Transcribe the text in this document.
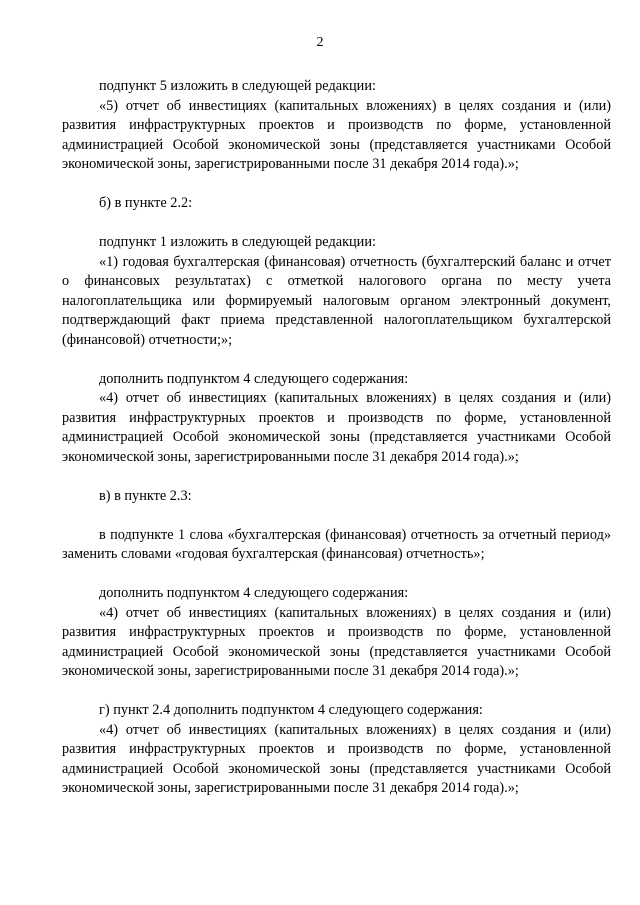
2

подпункт 5 изложить в следующей редакции:

«5) отчет об инвестициях (капитальных вложениях) в целях создания и (или) развития инфраструктурных проектов и производств по форме, установленной администрацией Особой экономической зоны (представляется участниками Особой экономической зоны, зарегистрированными после 31 декабря 2014 года).»;

б) в пункте 2.2:

подпункт 1 изложить в следующей редакции:

«1) годовая бухгалтерская (финансовая) отчетность (бухгалтерский баланс и отчет о финансовых результатах) с отметкой налогового органа по месту учета налогоплательщика или формируемый налоговым органом электронный документ, подтверждающий факт приема представленной налогоплательщиком бухгалтерской (финансовой) отчетности;»;

дополнить подпунктом 4 следующего содержания:

«4) отчет об инвестициях (капитальных вложениях) в целях создания и (или) развития инфраструктурных проектов и производств по форме, установленной администрацией Особой экономической зоны (представляется участниками Особой экономической зоны, зарегистрированными после 31 декабря 2014 года).»;

в) в пункте 2.3:

в подпункте 1 слова «бухгалтерская (финансовая) отчетность за отчетный период» заменить словами «годовая бухгалтерская (финансовая) отчетность»;

дополнить подпунктом 4 следующего содержания:

«4) отчет об инвестициях (капитальных вложениях) в целях создания и (или) развития инфраструктурных проектов и производств по форме, установленной администрацией Особой экономической зоны (представляется участниками Особой экономической зоны, зарегистрированными после 31 декабря 2014 года).»;

г) пункт 2.4 дополнить подпунктом 4 следующего содержания:

«4) отчет об инвестициях (капитальных вложениях) в целях создания и (или) развития инфраструктурных проектов и производств по форме, установленной администрацией Особой экономической зоны (представляется участниками Особой экономической зоны, зарегистрированными после 31 декабря 2014 года).»;
